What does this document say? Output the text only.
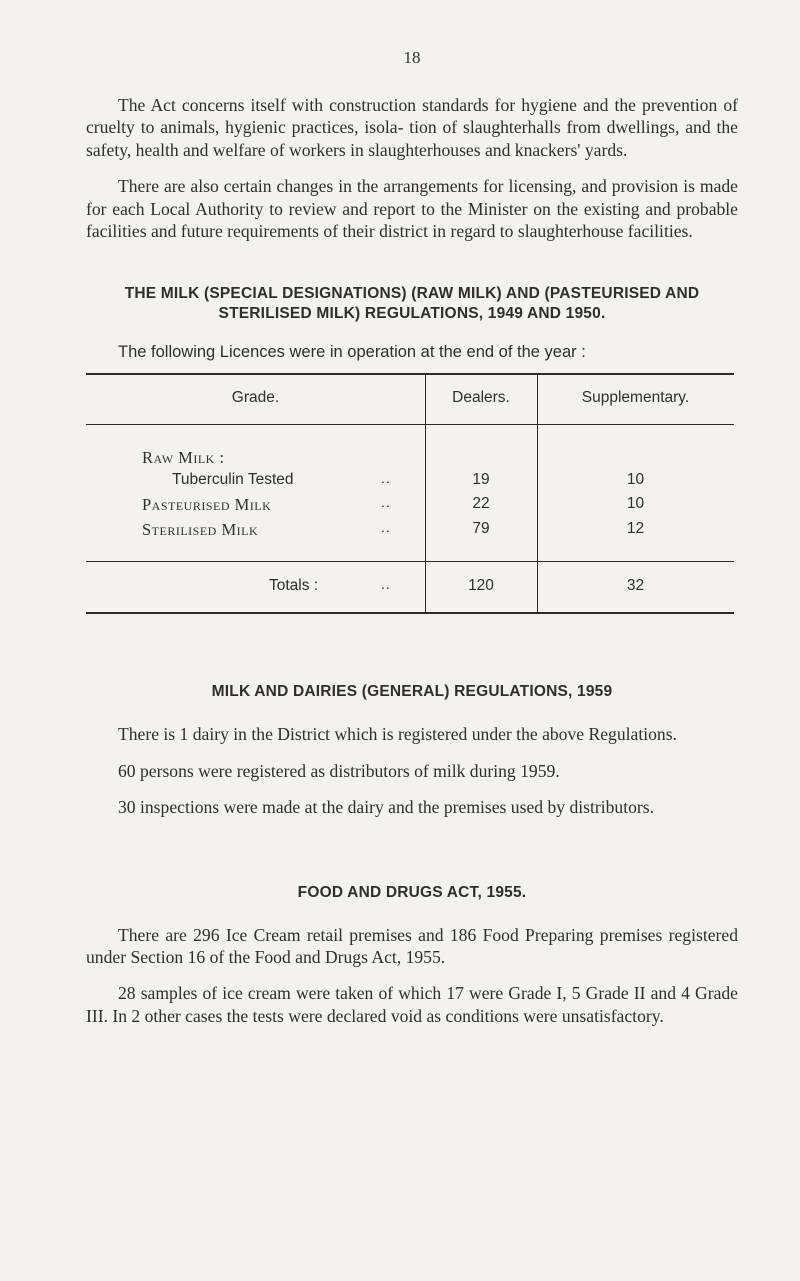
18

The Act concerns itself with construction standards for hygiene and the prevention of cruelty to animals, hygienic practices, isola- tion of slaughterhalls from dwellings, and the safety, health and welfare of workers in slaughterhouses and knackers' yards.

There are also certain changes in the arrangements for licensing, and provision is made for each Local Authority to review and report to the Minister on the existing and probable facilities and future requirements of their district in regard to slaughterhouse facilities.

THE MILK (SPECIAL DESIGNATIONS) (RAW MILK) AND (PASTEURISED AND STERILISED MILK) REGULATIONS, 1949 AND 1950.
The following Licences were in operation at the end of the year :
Grade.	Dealers.	Supplementary.
Raw Milk :
Tuberculin Tested	..	19	10
Pasteurised Milk	..	22	10
Sterilised Milk	..	79	12
Totals :	..	120	32
MILK AND DAIRIES (GENERAL) REGULATIONS, 1959

There is 1 dairy in the District which is registered under the above Regulations.

60 persons were registered as distributors of milk during 1959.

30 inspections were made at the dairy and the premises used by distributors.

FOOD AND DRUGS ACT, 1955.

There are 296 Ice Cream retail premises and 186 Food Preparing premises registered under Section 16 of the Food and Drugs Act, 1955.

28 samples of ice cream were taken of which 17 were Grade I, 5 Grade II and 4 Grade III. In 2 other cases the tests were declared void as conditions were unsatisfactory.
